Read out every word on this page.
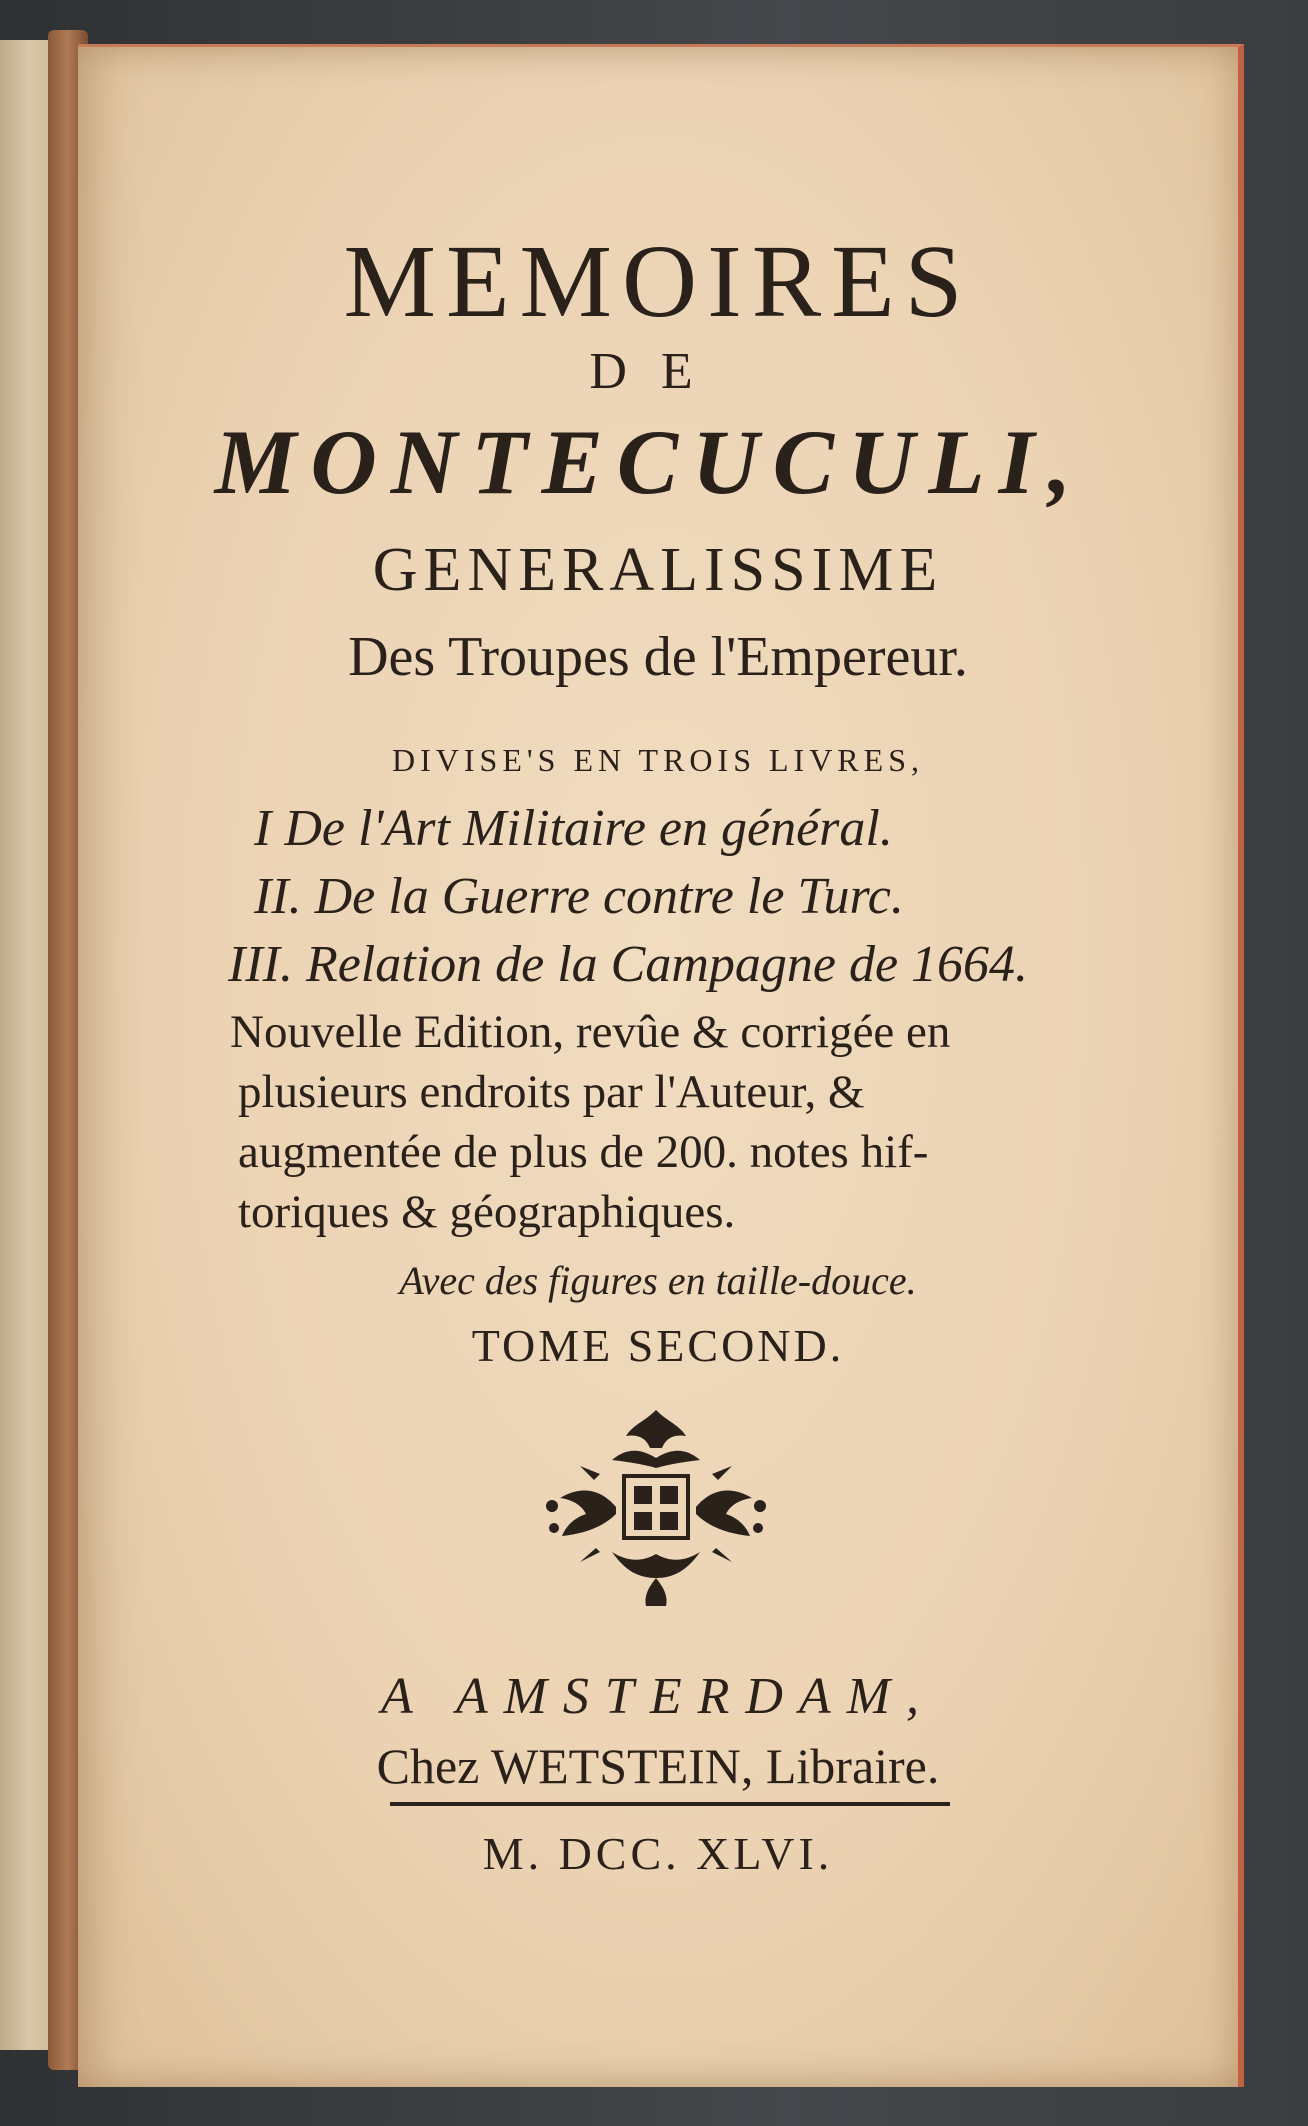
MEMOIRES
DE
MONTECUCULI,
GENERALISSIME
Des Troupes de l'Empereur.
DIVISE'S EN TROIS LIVRES,
I De l'Art Militaire en général.
II. De la Guerre contre le Turc.
III. Relation de la Campagne de 1664.
Nouvelle Edition, revûe & corrigée en
plusieurs endroits par l'Auteur, &
augmentée de plus de 200. notes hif-
toriques & géographiques.
Avec des figures en taille-douce.
TOME SECOND.
A AMSTERDAM,
Chez WETSTEIN, Libraire.
M. DCC. XLVI.
